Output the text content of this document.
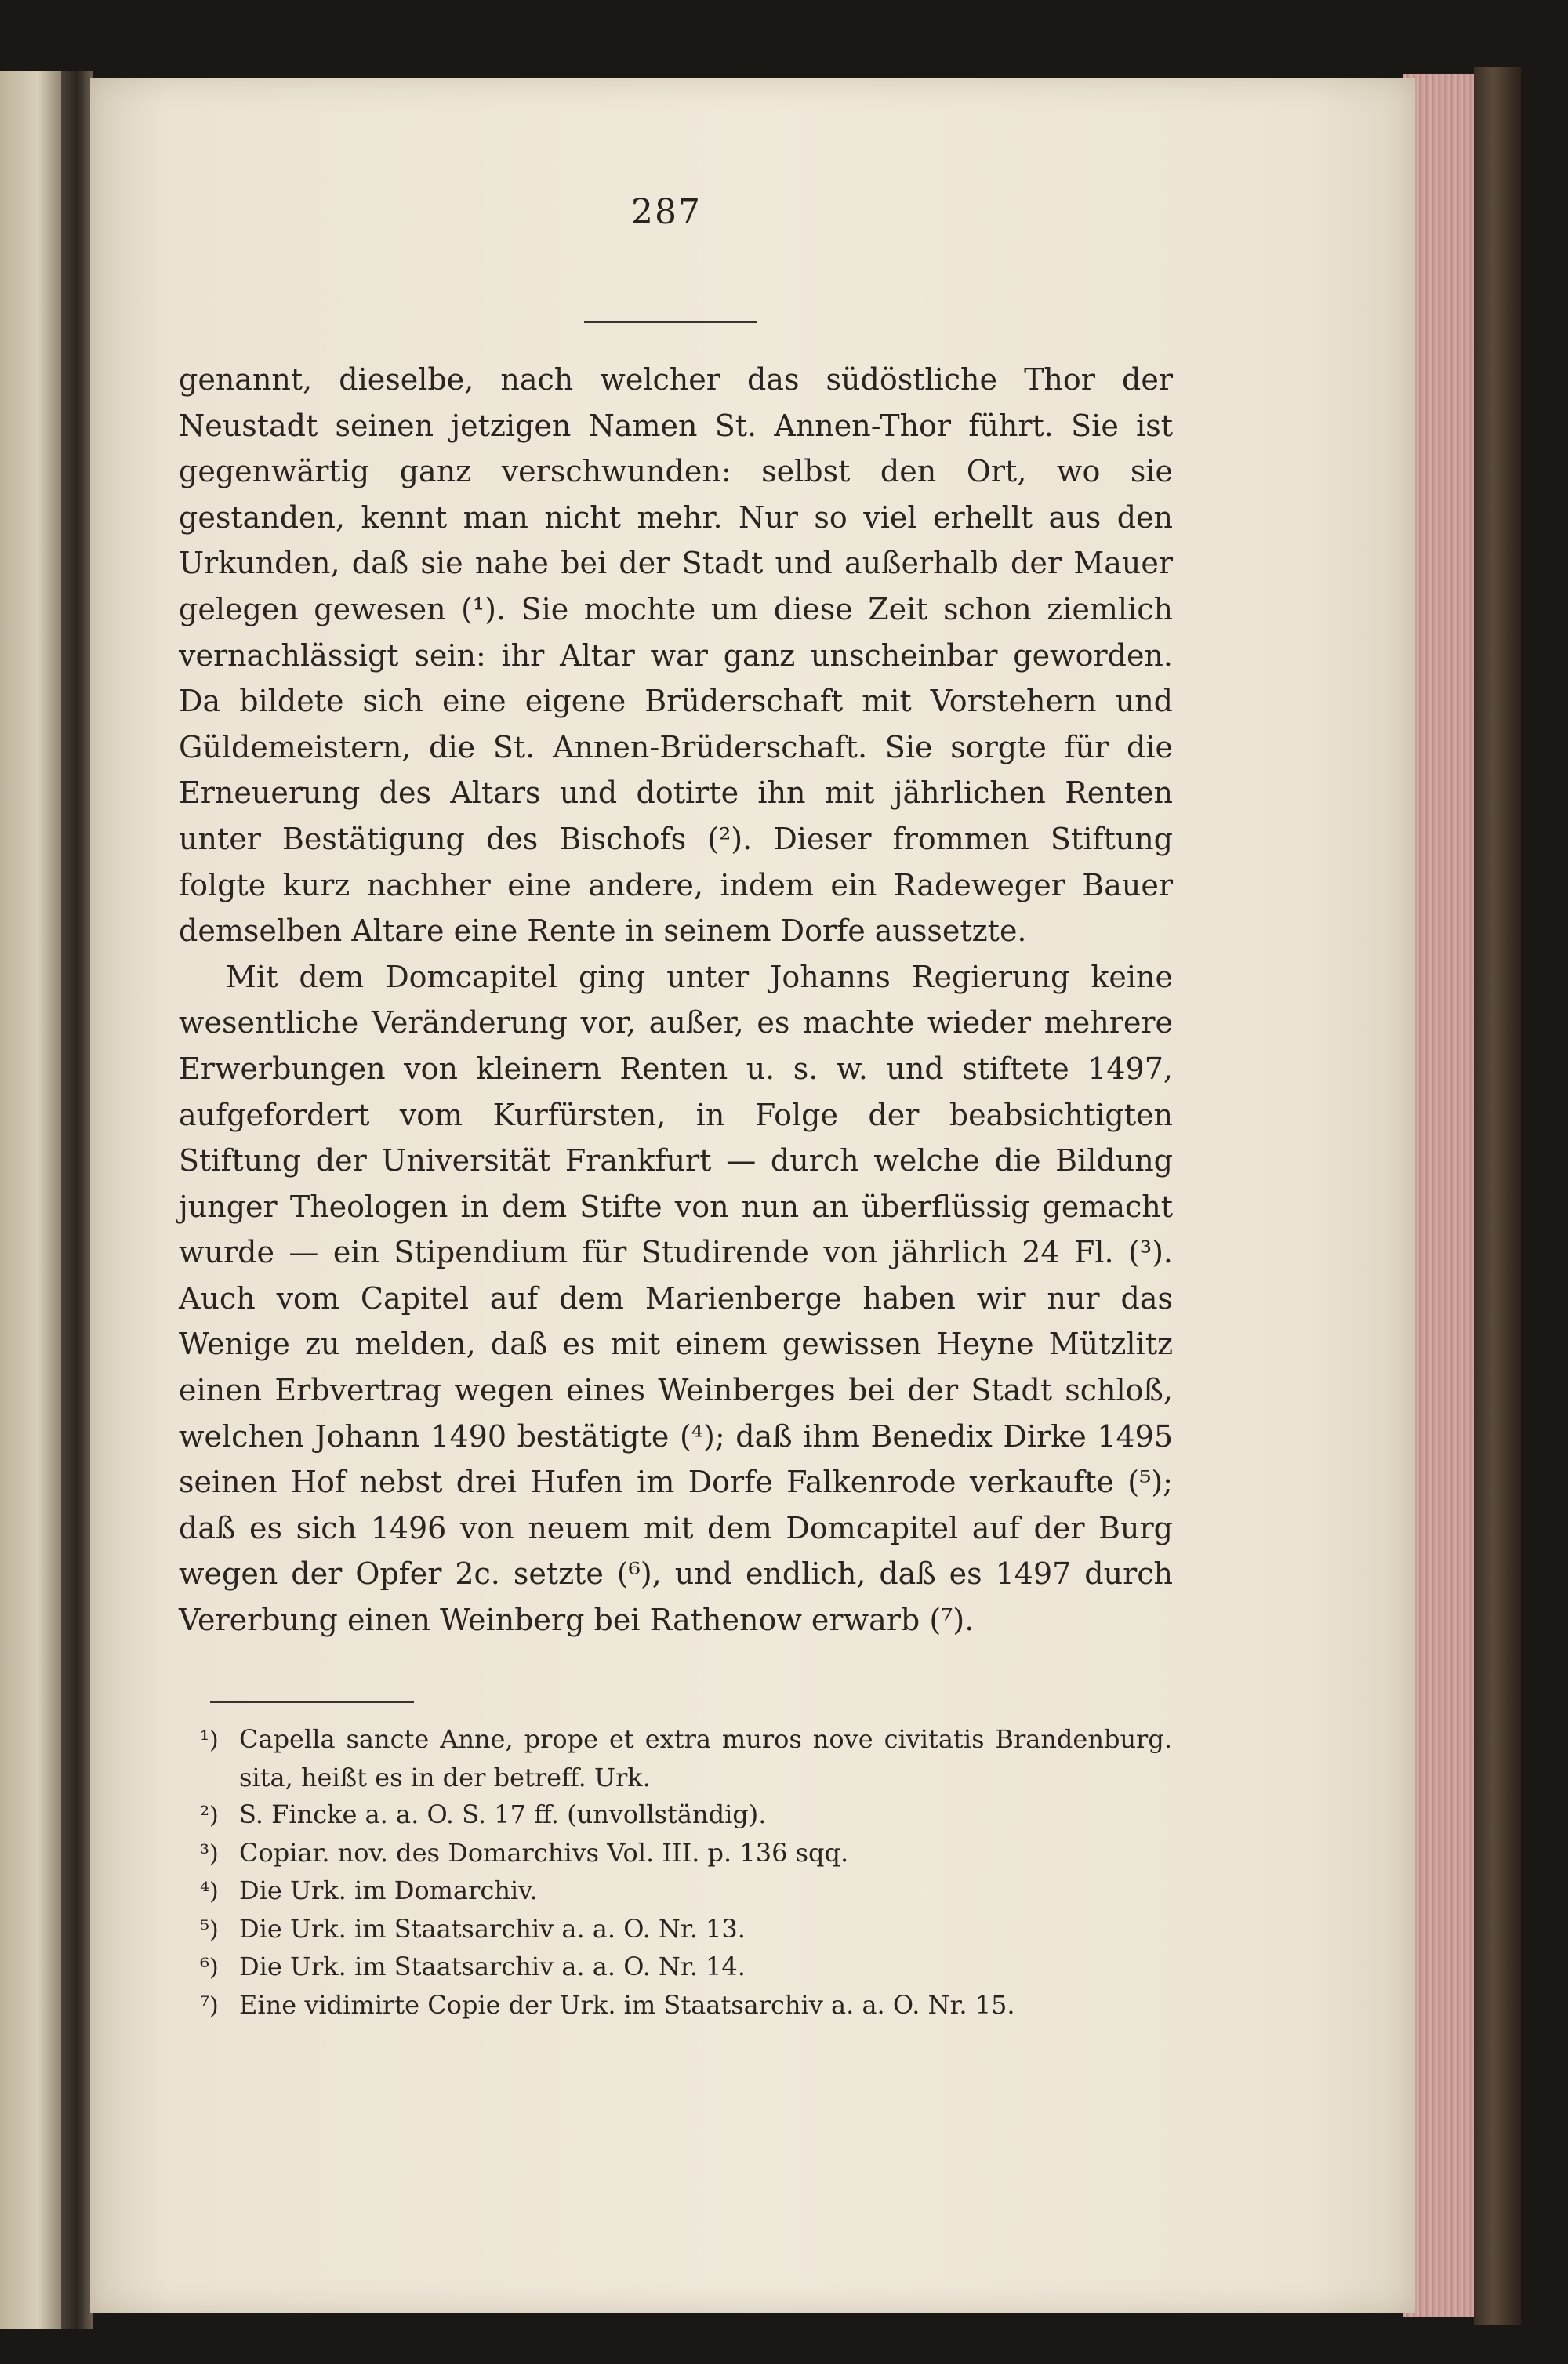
287

genannt, dieselbe, nach welcher das südöstliche Thor der Neustadt seinen jetzigen Namen St. Annen-Thor führt. Sie ist gegenwärtig ganz verschwunden: selbst den Ort, wo sie gestanden, kennt man nicht mehr. Nur so viel erhellt aus den Urkunden, daß sie nahe bei der Stadt und außerhalb der Mauer gelegen gewesen (¹). Sie mochte um diese Zeit schon ziemlich vernachlässigt sein: ihr Altar war ganz unscheinbar geworden. Da bildete sich eine eigene Brüderschaft mit Vorstehern und Güldemeistern, die St. Annen-Brüderschaft. Sie sorgte für die Erneuerung des Altars und dotirte ihn mit jährlichen Renten unter Bestätigung des Bischofs (²). Dieser frommen Stiftung folgte kurz nachher eine andere, indem ein Radeweger Bauer demselben Altare eine Rente in seinem Dorfe aussetzte.

Mit dem Domcapitel ging unter Johanns Regierung keine wesentliche Veränderung vor, außer, es machte wieder mehrere Erwerbungen von kleinern Renten u. s. w. und stiftete 1497, aufgefordert vom Kurfürsten, in Folge der beabsichtigten Stiftung der Universität Frankfurt — durch welche die Bildung junger Theologen in dem Stifte von nun an überflüssig gemacht wurde — ein Stipendium für Studirende von jährlich 24 Fl. (³). Auch vom Capitel auf dem Marienberge haben wir nur das Wenige zu melden, daß es mit einem gewissen Heyne Mützlitz einen Erbvertrag wegen eines Weinberges bei der Stadt schloß, welchen Johann 1490 bestätigte (⁴); daß ihm Benedix Dirke 1495 seinen Hof nebst drei Hufen im Dorfe Falkenrode verkaufte (⁵); daß es sich 1496 von neuem mit dem Domcapitel auf der Burg wegen der Opfer 2c. setzte (⁶), und endlich, daß es 1497 durch Vererbung einen Weinberg bei Rathenow erwarb (⁷).

¹) Capella sancte Anne, prope et extra muros nove civitatis Brandenburg. sita, heißt es in der betreff. Urk.
²) S. Fincke a. a. O. S. 17 ff. (unvollständig).
³) Copiar. nov. des Domarchivs Vol. III. p. 136 sqq.
⁴) Die Urk. im Domarchiv.
⁵) Die Urk. im Staatsarchiv a. a. O. Nr. 13.
⁶) Die Urk. im Staatsarchiv a. a. O. Nr. 14.
⁷) Eine vidimirte Copie der Urk. im Staatsarchiv a. a. O. Nr. 15.
